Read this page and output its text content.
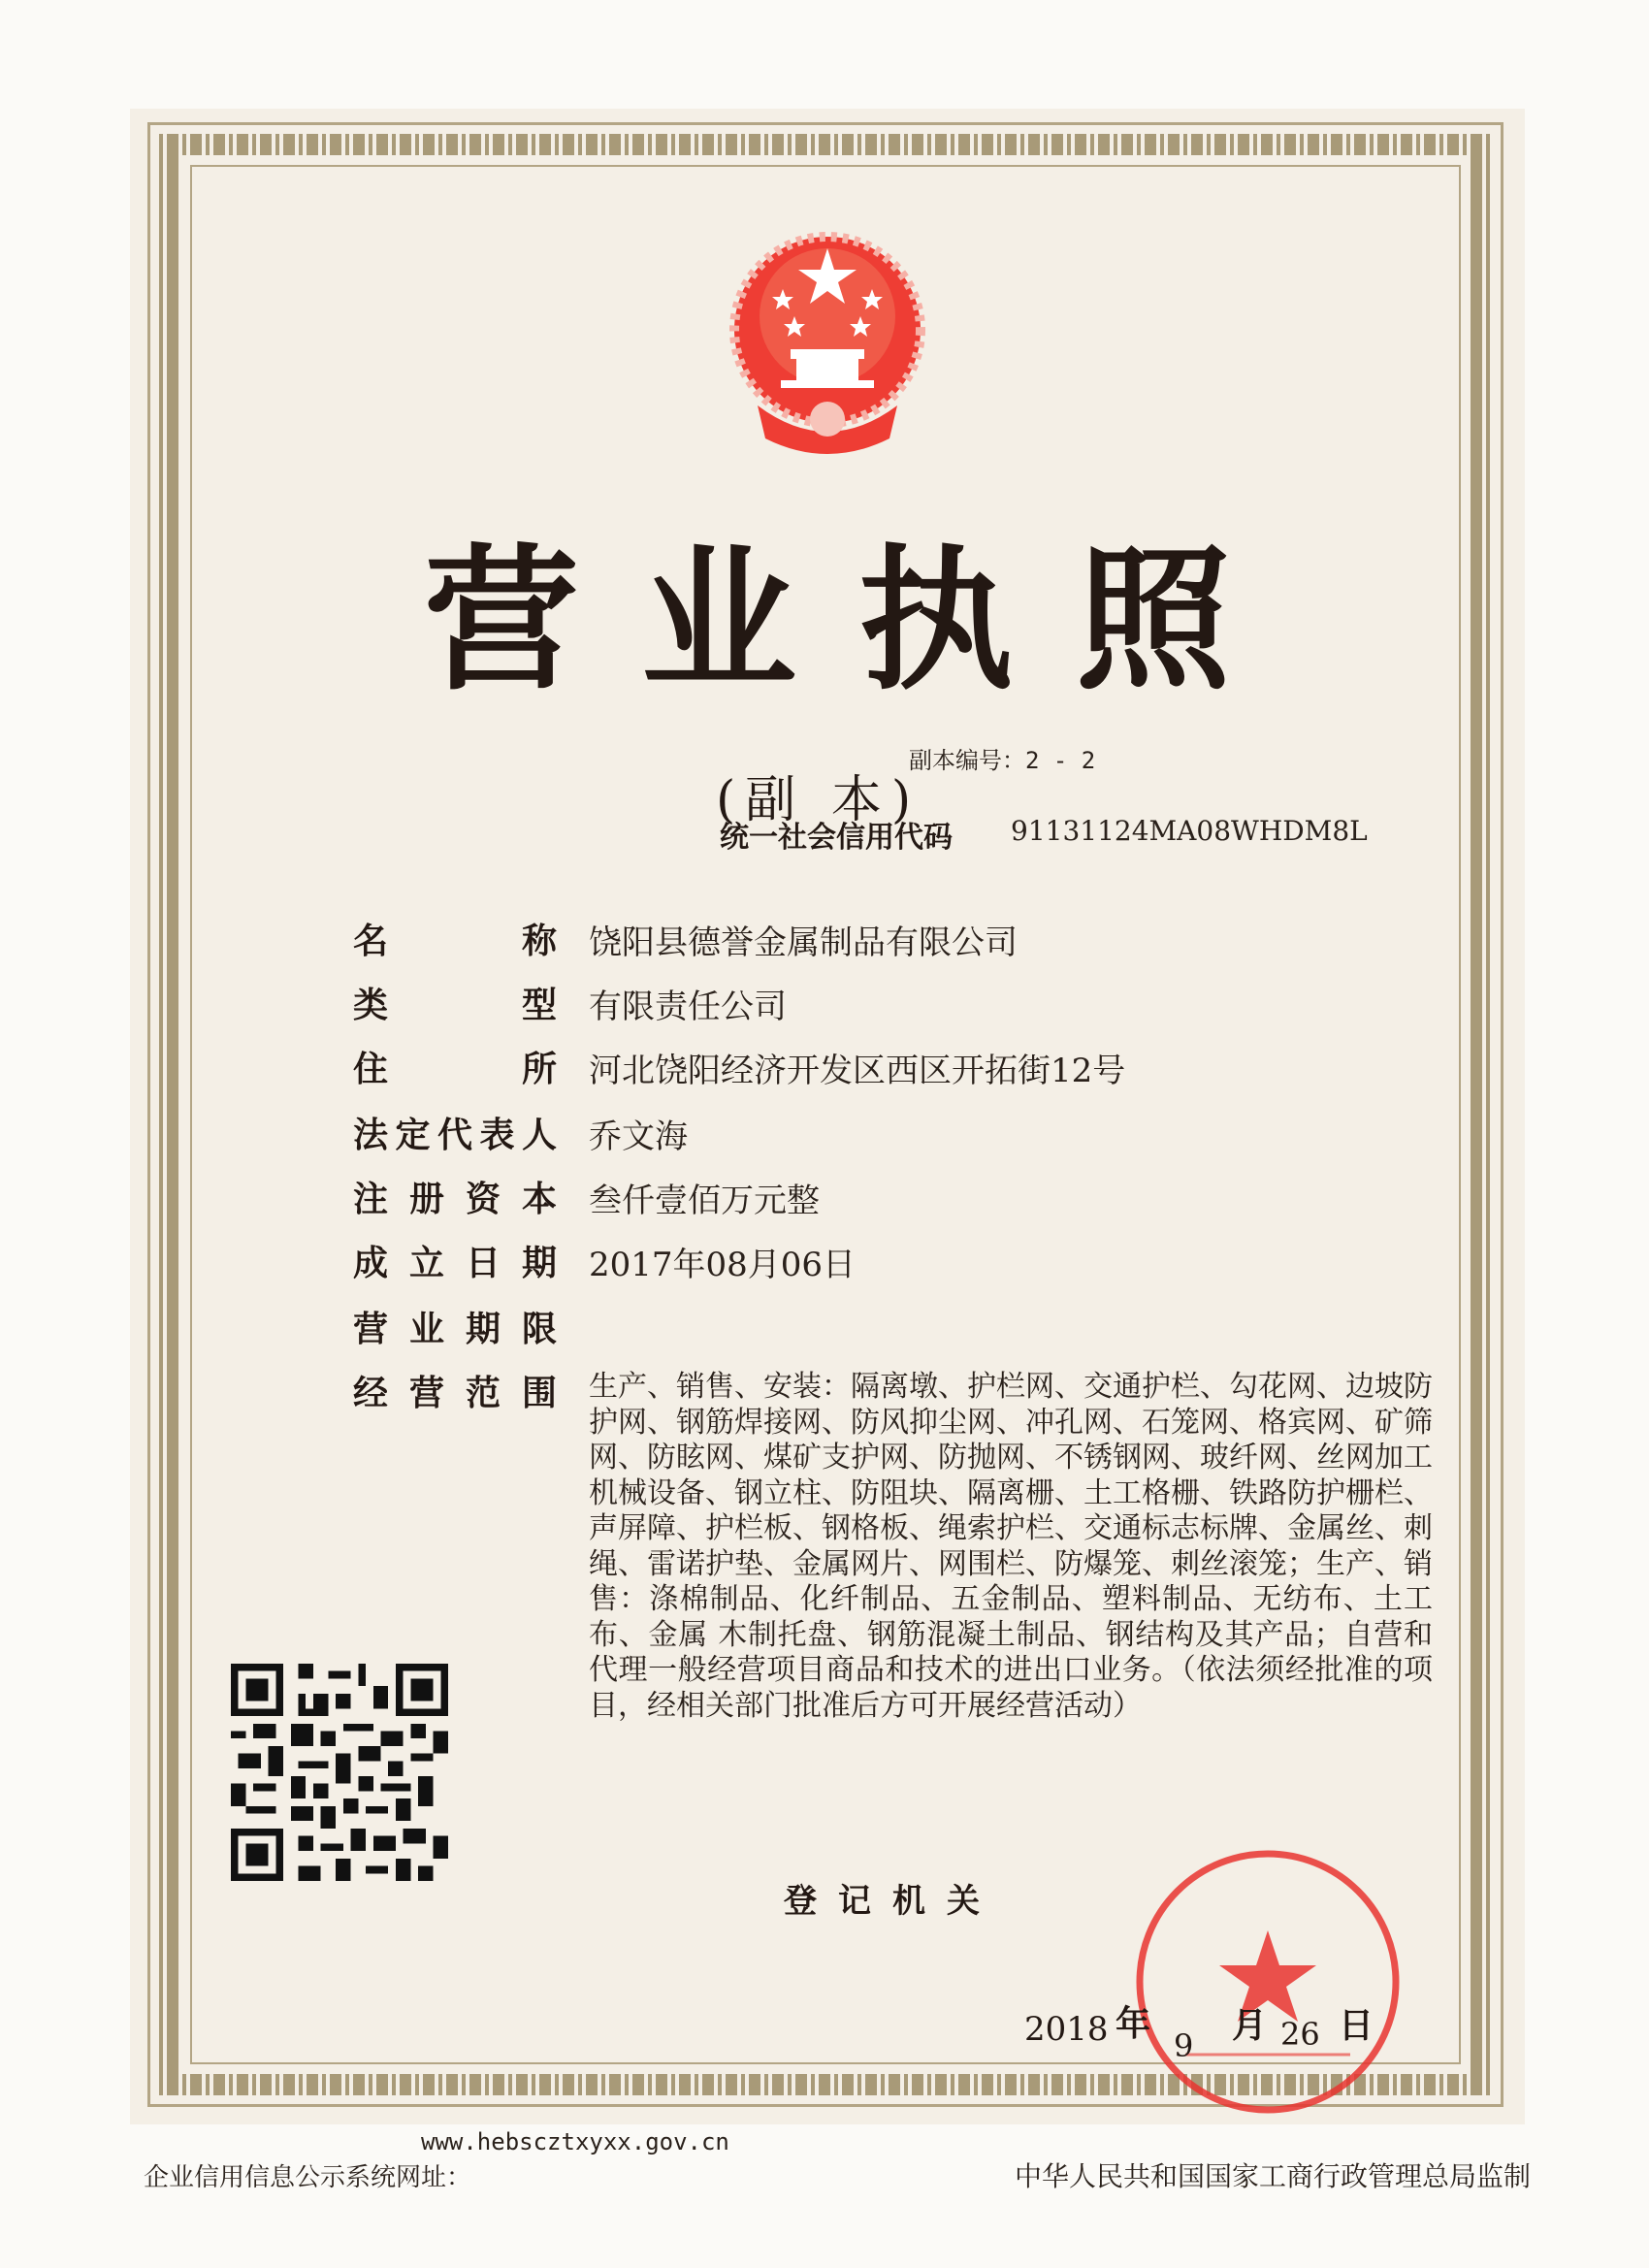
营业执照
(副 本)
副本编号：2 - 2
统一社会信用代码 91131124MA08WHDM8L
名	称 饶阳县德誉金属制品有限公司
类	型 有限责任公司
住	所 河北饶阳经济开发区西区开拓街12号
法 定 代 表 人 乔文海
注 册 资 本 叁仟壹佰万元整
成 立 日 期 2017年08月06日
营 业 期 限
经 营 范 围 生产、销售、安装：隔离墩、护栏网、交通护栏、勾花网、边坡防护网、钢筋焊接网、防风抑尘网、冲孔网、石笼网、格宾网、矿筛网、防眩网、煤矿支护网、防抛网、不锈钢网、玻纤网、丝网加工机械设备、钢立柱、防阻块、隔离栅、土工格栅、铁路防护栅栏、声屏障、护栏板、钢格板、绳索护栏、交通标志标牌、金属丝、刺绳、雷诺护垫、金属网片、网围栏、防爆笼、刺丝滚笼；生产、销售：涤棉制品、化纤制品、五金制品、塑料制品、无纺布、土工布、金属 木制托盘、钢筋混凝土制品、钢结构及其产品；自营和代理一般经营项目商品和技术的进出口业务。（依法须经批准的项目，经相关部门批准后方可开展经营活动）
登记机关
2018 年
9 月 26 日
www.hebscztxyxx.gov.cn
企业信用信息公示系统网址：	中华人民共和国国家工商行政管理总局监制
